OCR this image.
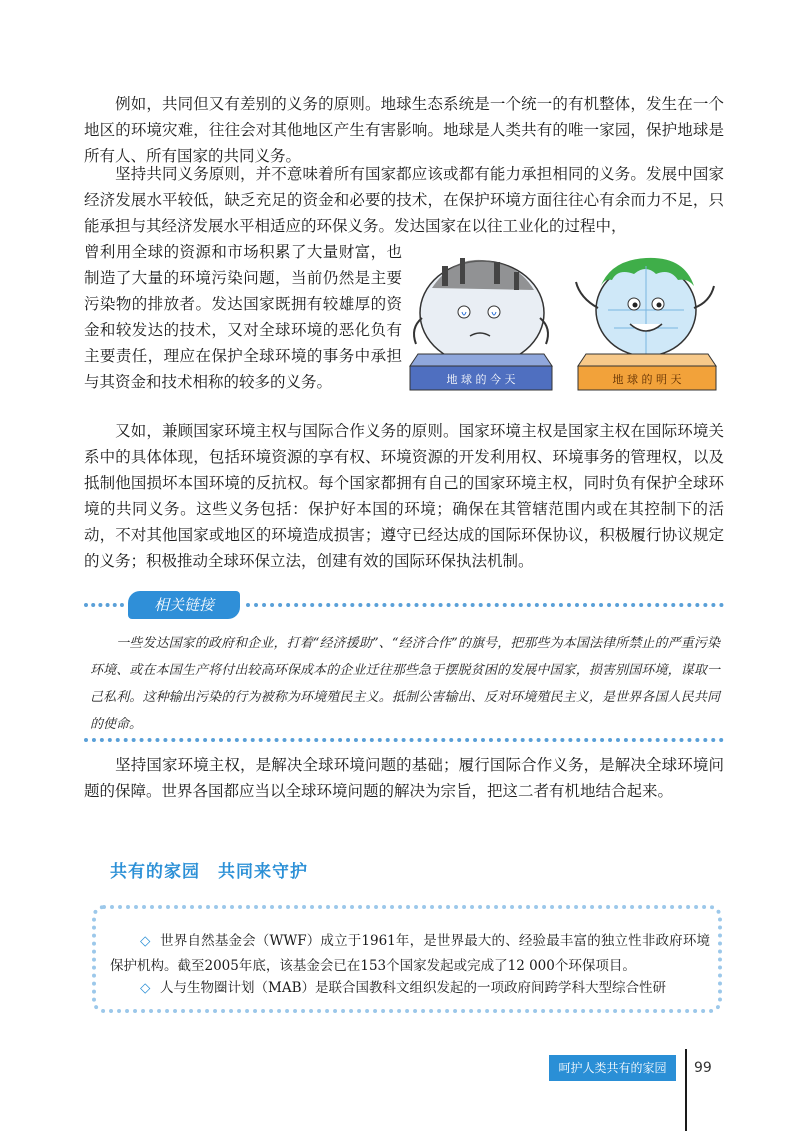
例如，共同但又有差别的义务的原则。地球生态系统是一个统一的有机整体，发生在一个地区的环境灾难，往往会对其他地区产生有害影响。地球是人类共有的唯一家园，保护地球是所有人、所有国家的共同义务。

坚持共同义务原则，并不意味着所有国家都应该或都有能力承担相同的义务。发展中国家经济发展水平较低，缺乏充足的资金和必要的技术，在保护环境方面往往心有余而力不足，只能承担与其经济发展水平相适应的环保义务。发达国家在以往工业化的过程中，

曾利用全球的资源和市场积累了大量财富，也制造了大量的环境污染问题，当前仍然是主要污染物的排放者。发达国家既拥有较雄厚的资金和较发达的技术，又对全球环境的恶化负有主要责任，理应在保护全球环境的事务中承担与其资金和技术相称的较多的义务。	地 球 的 今 天	地 球 的 明 天

又如，兼顾国家环境主权与国际合作义务的原则。国家环境主权是国家主权在国际环境关系中的具体体现，包括环境资源的享有权、环境资源的开发利用权、环境事务的管理权，以及抵制他国损坏本国环境的反抗权。每个国家都拥有自己的国家环境主权，同时负有保护全球环境的共同义务。这些义务包括：保护好本国的环境；确保在其管辖范围内或在其控制下的活动，不对其他国家或地区的环境造成损害；遵守已经达成的国际环保协议，积极履行协议规定的义务；积极推动全球环保立法，创建有效的国际环保执法机制。

相关链接

一些发达国家的政府和企业，打着“经济援助”、“经济合作”的旗号，把那些为本国法律所禁止的严重污染环境、或在本国生产将付出较高环保成本的企业迁往那些急于摆脱贫困的发展中国家，损害别国环境，谋取一己私利。这种输出污染的行为被称为环境殖民主义。抵制公害输出、反对环境殖民主义，是世界各国人民共同的使命。

坚持国家环境主权，是解决全球环境问题的基础；履行国际合作义务，是解决全球环境问题的保障。世界各国都应当以全球环境问题的解决为宗旨，把这二者有机地结合起来。

共有的家园　共同来守护

◇ 世界自然基金会（WWF）成立于1961年，是世界最大的、经验最丰富的独立性非政府环境保护机构。截至2005年底，该基金会已在153个国家发起或完成了12 000个环保项目。

◇ 人与生物圈计划（MAB）是联合国教科文组织发起的一项政府间跨学科大型综合性研

呵护人类共有的家园	99
